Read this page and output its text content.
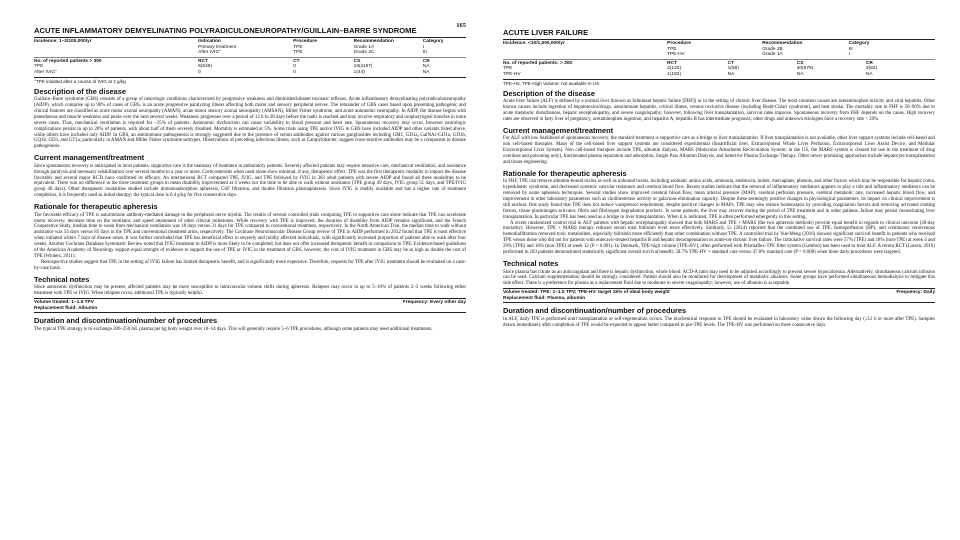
165
ACUTE INFLAMMATORY DEMYELINATING POLYRADICULONEUROPATHY/GUILLAIN–BARRE SYNDROME
Incidence: 1–2/100,000/yr	Indication	Procedure	Recommendation	Category
	Primary treatment	TPE	Grade 1A	I
	After IVIG°	TPE	Grade 2C	III
No. of reported patients > 300	RCT	CT	CS	CR
TPE	6(649)	0	18(1157)	NA
After IVIG°	0	0	1(44)	NA
°TPE initiated after a course of IVIG at 2 g/kg
Description of the disease

Guillain–Barre syndrome (GBS) consists of a group of neurologic conditions characterized by progressive weakness and diminished/absent myotatic reflexes. Acute inflammatory demyelinating polyradiculoneuropathy (AIDP), which comprise up to 90% of cases of GBS, is an acute progressive paralyzing illness affecting both motor and sensory peripheral nerves. The remainder of GBS cases based upon presenting pathogenic and clinical features are classified as acute motor axonal neuropathy (AMAN), acute motor sensory axonal neuropathy (AMSAN), Miller Fisher syndrome, and acute autonomic neuropathy. In AIDP, the disease begins with paresthesias and muscle weakness and peaks over the next several weeks. Weakness progresses over a period of 12 h to 28 days before the nadir is reached and may involve respiratory and oropharyngeal muscles in more severe cases. Thus, mechanical ventilation is required for ~25% of patients. Autonomic dysfunction can cause variability in blood pressure and heart rate. Spontaneous recovery may occur, however neurologic complications persist in up to 20% of patients, with about half of them severely disabled. Mortality is estimated at 5%. Some trials using TPE and/or IVIG in GBS have included AIDP and other variants listed above, while others have included only AIDP. In GBS, an autoimmune pathogenesis is strongly suggested due to the presence of serum antibodies against various gangliosides including GM1, GD1a, GalNAc-GD1a, GD1b, GQ1b, GD3, and GT1a, particularly in AMAN and Miller Fisher syndrome subtypes. Observations of preceding infectious illness, such as Campylobacter, suggest cross-reactive antibodies may be a component in disease pathogenesis.

Current management/treatment

Since spontaneous recovery is anticipated in most patients, supportive care is the mainstay of treatment in ambulatory patients. Severely affected patients may require intensive care, mechanical ventilation, and assistance through paralysis and necessary rehabilitation over several months to a year or more. Corticosteroids when used alone show minimal, if any, therapeutic effect. TPE was the first therapeutic modality to impact the disease favorably and several major RCTs have confirmed its efficacy. An international RCT compared TPE, IVIG, and TPE followed by IVIG in 383 adult patients with severe AIDP and found all three modalities to be equivalent. There was no difference in the three treatment groups in mean disability improvement at 4 weeks nor the time to be able to walk without assistance (TPE group 49 days, IVIG group 51 days, and TPE/IVIG group 40 days). Other therapeutic modalities studied include immunoadsorption apheresis, CSF filtration, and double filtration plasmapheresis. Since IVIG is readily available and has a higher rate of treatment completion, it is frequently used as initial therapy; the typical dose is 0.4 g/kg for five consecutive days.

Rationale for therapeutic apheresis

The favorable efficacy of TPE is autoimmune antibody-mediated damage to the peripheral nerve myelin. The results of several controlled trials comparing TPE to supportive care alone indicate that TPE can accelerate motor recovery, decrease time on the ventilator, and speed attainment of other clinical milestones. While recovery with TPE is improved, the duration of disability from AIDP remains significant, and the French Cooperative Study, median time to wean from mechanical ventilation was 18 days versus 31 days for TPE compared to conventional treatment, respectively. In the North American Trial, the median time to walk without assistance was 53 days versus 85 days in the TPE and conventional treatment arms, respectively. The Cochrane Neuromuscular Disease Group review of TPE in AIDP performed in 2012 found that TPE is most effective when initiated within 7 days of disease onset. It was further concluded that TPE has beneficial effect in severely and mildly affected individuals, with significantly increased proportion of patients able to walk after four weeks. Another Cochrane Database Systematic Review noted that IVIG treatment in AIDP is more likely to be completed, but does not offer increased therapeutic benefit in comparison to TPE. Evidence-based guidelines of the American Academy of Neurology support equal strength of evidence to support the use of TPE or IVIG in the treatment of GBS, however, the cost of IVIG treatment in GBS may be as high as double the cost of TPE (Winters, 2011).

Retrospective studies suggest that TPE in the setting of IVIG failure has limited therapeutic benefit, and is significantly more expensive. Therefore, requests for TPE after IVIG treatment should be evaluated on a case-by-case basis.

Technical notes

Since autonomic dysfunction may be present, affected patients may be more susceptible to intravascular volume shifts during apheresis. Relapses may occur in up to 5–10% of patients 2–3 weeks following either treatment with TPE or IVIG. When relapses occur, additional TPE is typically helpful.

Volume treated: 1–1.5 TPV	Frequency: Every other day
Replacement fluid: Albumin
Duration and discontinuation/number of procedures

The typical TPE strategy is to exchange 200–250 mL plasma per kg body weight over 10–14 days. This will generally require 5–6 TPE procedures, although some patients may need additional treatments.

ACUTE LIVER FAILURE
Incidence: <10/1,000,000/yr	Procedure	Recommendation	Category
	TPE	Grade 2B	III
	TPE-HV	Grade 1A	I
No. of reported patients: > 300	RCT	CT	CS	CR
TPE	3(120)	1(58)	40(576)	3(83)
TPE-HV	1(182)	NA	NA	NA
TPE-HV, TPE-High Volume; not available in US
Description of the disease

Acute liver failure (ALF) is defined by a normal liver (known as fulminant hepatic failure [FHF]) or in the setting of chronic liver disease. The most common causes are acetaminophen toxicity and viral hepatitis. Other known causes include ingestion of hepatotoxins/drugs, autoimmune hepatitis, critical illness, venous occlusive disease (including Budd-Chiari syndrome), and heat stroke. The mortality rate in FHF is 50–90% due to acute metabolic disturbances, hepatic encephalopathy, and severe coagulopathy; however, following liver transplantation, survival rates improve. Spontaneous recovery from FHF depends on the cause. High recovery rates are observed in fatty liver of pregnancy, acetaminophen ingestion, and hepatitis A; hepatitis B has intermediate prognosis; other drugs and unknown etiologies have a recovery rate < 20%.

Current management/treatment

For ALF with low likelihood of spontaneous recovery, the standard treatment is supportive care as a bridge to liver transplantation. If liver transplantation is not available, other liver support systems include cell-based and non cell-based therapies. Many of the cell-based liver support systems are considered experimental (bioartificial liver, Extracorporeal Whole Liver Perfusion, Extracorporeal Liver Assist Device, and Modular Extracorporeal Liver System). Non cell-based therapies include TPE, albumin dialysis, MARS (Molecular Adsorbents Recirculation System; in the US, the MARS system is cleared for use in the treatment of drug overdose and poisoning only), fractionated plasma separation and adsorption, Single Pass Albumin Dialysis, and Selective Plasma Exchange Therapy. Other newer promising approaches include hepatocyte transplantation and tissue engineering.

Rationale for therapeutic apheresis

In FHF, TPE can remove albumin-bound toxins as well as unbound toxins, including aromatic amino acids, ammonia, endotoxin, indols, mercaptans, phenols, and other factors which may be responsible for hepatic coma, hyperkinetic syndrome, and decreased systemic vascular resistance and cerebral blood flow. Recent studies indicate that the removal of inflammatory mediators appears to play a role and inflammatory mediators can be removed by some apheresis techniques. Several studies show improved cerebral blood flow, mean arterial pressure (MAP), cerebral perfusion pressure, cerebral metabolic rate, increased hepatic blood flow, and improvement in other laboratory parameters such as cholinesterase activity or galactose elimination capacity. Despite these seemingly positive changes in physiological parameters, its impact on clinical improvement is still unclear. One study found that TPE does not reduce vasopressor requirement, despite positive changes in MAPs. TPE may also restore homeostasis by providing coagulation factors and removing activated clotting factors, tissue plasminogen activator, fibrin and fibrinogen degradation products. In some patients, the liver may recover during the period of TPE treatment and in other patients, failure may persist necessitating liver transplantation. In particular TPE has been used as a bridge to liver transplantation. When it is indicated, TPE is often performed emergently in this setting.

A recent randomized control trial in ALF patients with hepatic encephalopathy showed that both MARS and TPE + MARS (the two apheresis methods) provide equal benefit in regards to clinical outcome (30-day mortality). However, TPE + MARS therapy reduced serum total bilirubin level more effectively. Similarly, Li (2014) reported that the combined use of TPE, hemoperfusion (HP), and continuous venovenous hemodiafiltration removed toxic metabolites, especially bilirubin more efficiently than other combination without TPE. A controlled trial by Yue-Meng (2016) showed significant survival benefit in patients who received TPE versus those who did not for patients with entecavir-treated hepatitis B and hepatic decompensation or acute-on-chronic liver failure. The cumulative survival rates were 57% (TPE) and 18% (non-TPE) at week 4 and 29% (TPE) and 18% (non-TPE) at week 12 (P < 0.001). In Denmark, TPE-high volume (TPE-HV), often performed with Prismaflex-TPE filter system (Gambro) has been used to treat ALF. A recent RCT (Larsen, 2016) performed in 183 patients demonstrated statistically significant overall survival benefit: 58.7% TPE-HV + standard care versus 47.8% standard care (P = 0.008) when three daily procedures were targeted.

Technical notes

Since plasma has citrate as an anticoagulant and there is hepatic dysfunction, whole blood: ACD-A ratio may need to be adjusted accordingly to prevent severe hypocalcemia. Alternatively, simultaneous calcium infusion can be used. Calcium supplementation should be strongly considered. Patient should also be monitored for development of metabolic alkalosis. Some groups have performed simultaneous hemodialysis to mitigate this side effect. There is a preference for plasma as a replacement fluid due to moderate to severe coagulopathy; however, use of albumin is acceptable.

Volume treated: TPE: 1–1.5 TPV; TPE-HV: target 15% of ideal body weight	Frequency: Daily
Replacement fluid: Plasma, albumin
Duration and discontinuation/number of procedures

In ALF, daily TPE is performed until transplantation or self-regeneration occurs. The biochemical response to TPE should be evaluated in laboratory value drawn the following day (≥12 h or more after TPE). Samples drawn immediately after completion of TPE would be expected to appear better compared to pre-TPE levels. The TPE-HV was performed on three consecutive days.
